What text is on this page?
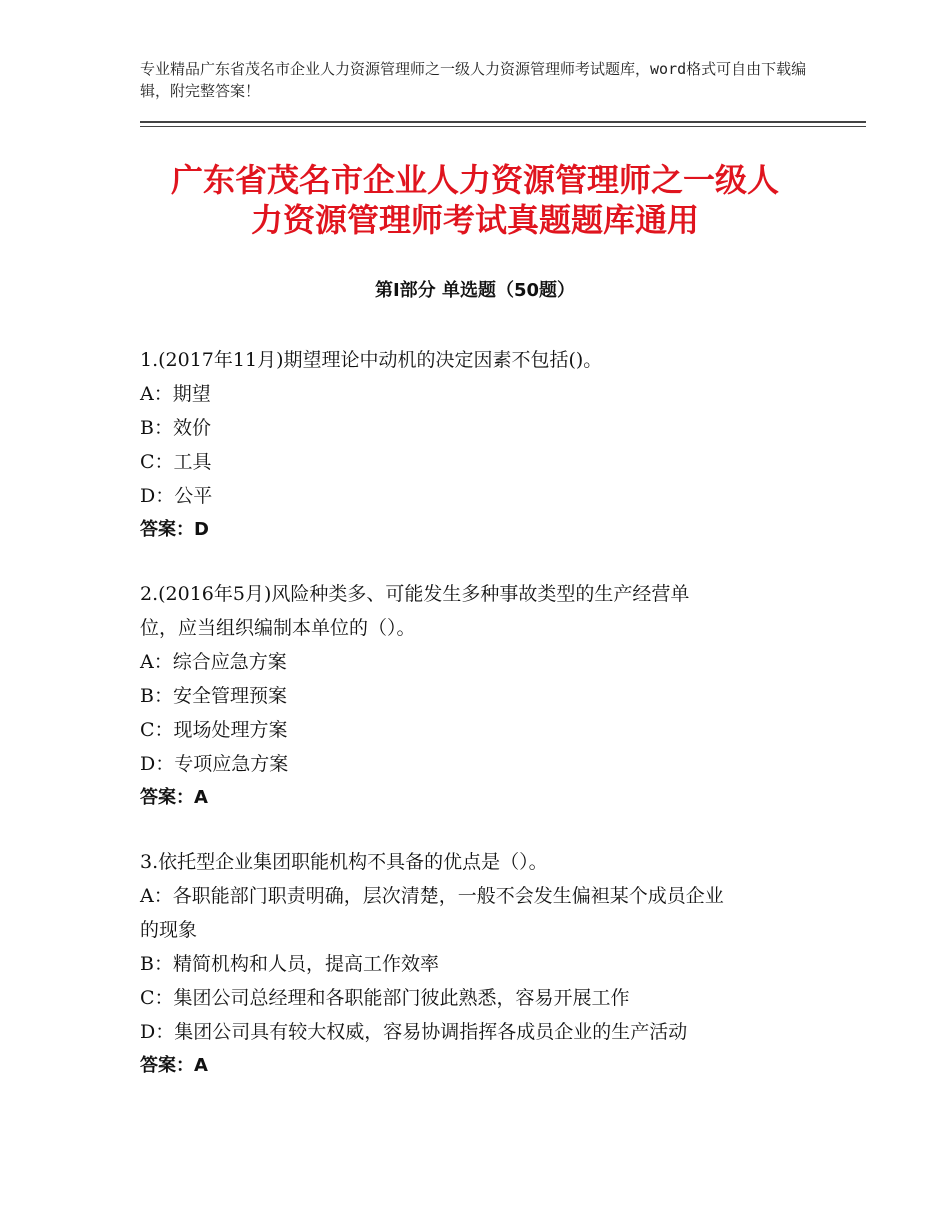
专业精品广东省茂名市企业人力资源管理师之一级人力资源管理师考试题库，word格式可自由下载编辑，附完整答案！
广东省茂名市企业人力资源管理师之一级人
力资源管理师考试真题题库通用
第Ⅰ部分 单选题（50题）
1.(2017年11月)期望理论中动机的决定因素不包括()。
A：期望
B：效价
C：工具
D：公平
答案：D
2.(2016年5月)风险种类多、可能发生多种事故类型的生产经营单
位，应当组织编制本单位的（）。
A：综合应急方案
B：安全管理预案
C：现场处理方案
D：专项应急方案
答案：A
3.依托型企业集团职能机构不具备的优点是（）。
A：各职能部门职责明确，层次清楚，一般不会发生偏袒某个成员企业
的现象
B：精简机构和人员，提高工作效率
C：集团公司总经理和各职能部门彼此熟悉，容易开展工作
D：集团公司具有较大权威，容易协调指挥各成员企业的生产活动
答案：A
